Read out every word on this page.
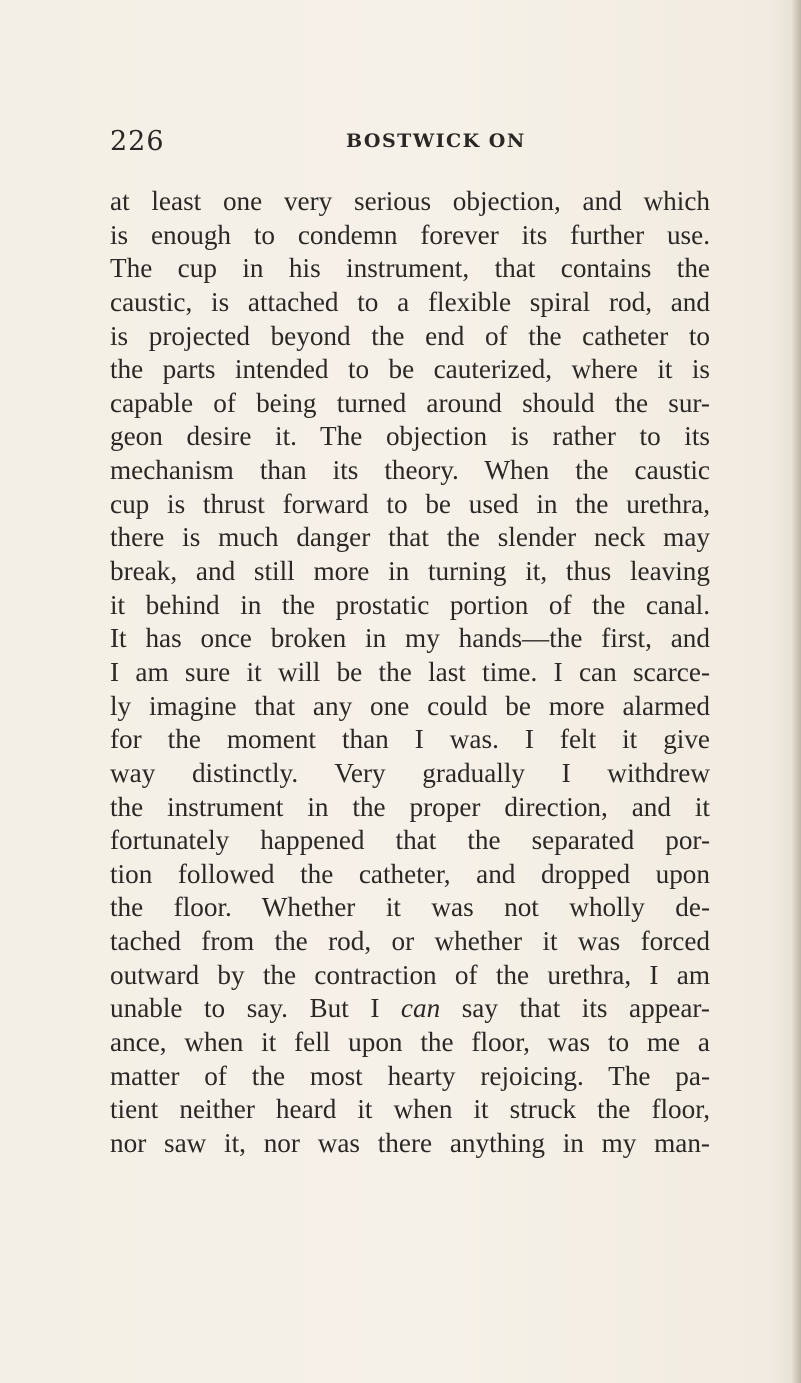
226	BOSTWICK ON
at least one very serious objection, and which
is enough to condemn forever its further use.
The cup in his instrument, that contains the
caustic, is attached to a flexible spiral rod, and
is projected beyond the end of the catheter to
the parts intended to be cauterized, where it is
capable of being turned around should the sur-
geon desire it. The objection is rather to its
mechanism than its theory. When the caustic
cup is thrust forward to be used in the urethra,
there is much danger that the slender neck may
break, and still more in turning it, thus leaving
it behind in the prostatic portion of the canal.
It has once broken in my hands—the first, and
I am sure it will be the last time. I can scarce-
ly imagine that any one could be more alarmed
for the moment than I was. I felt it give
way distinctly. Very gradually I withdrew
the instrument in the proper direction, and it
fortunately happened that the separated por-
tion followed the catheter, and dropped upon
the floor. Whether it was not wholly de-
tached from the rod, or whether it was forced
outward by the contraction of the urethra, I am
unable to say. But I can say that its appear-
ance, when it fell upon the floor, was to me a
matter of the most hearty rejoicing. The pa-
tient neither heard it when it struck the floor,
nor saw it, nor was there anything in my man-
